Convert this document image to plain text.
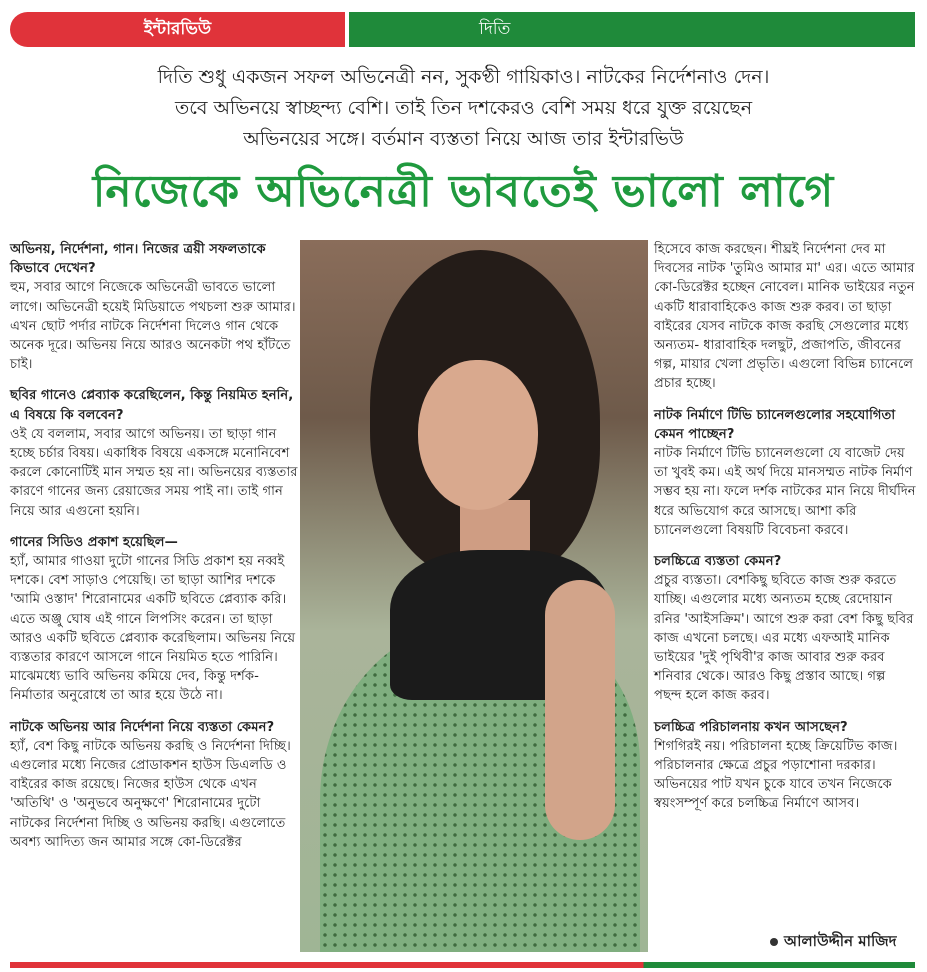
ইন্টারভিউ	দিতি
দিতি শুধু একজন সফল অভিনেত্রী নন, সুকণ্ঠী গায়িকাও। নাটকের নির্দেশনাও দেন।
তবে অভিনয়ে স্বাচ্ছন্দ্য বেশি। তাই তিন দশকেরও বেশি সময় ধরে যুক্ত রয়েছেন
অভিনয়ের সঙ্গে। বর্তমান ব্যস্ততা নিয়ে আজ তার ইন্টারভিউ
নিজেকে অভিনেত্রী ভাবতেই ভালো লাগে

অভিনয়, নির্দেশনা, গান। নিজের ত্রয়ী সফলতাকে কিভাবে দেখেন?

হুম, সবার আগে নিজেকে অভিনেত্রী ভাবতে ভালো লাগে। অভিনেত্রী হয়েই মিডিয়াতে পথচলা শুরু আমার। এখন ছোট পর্দার নাটকে নির্দেশনা দিলেও গান থেকে অনেক দূরে। অভিনয় নিয়ে আরও অনেকটা পথ হাঁটতে চাই।

ছবির গানেও প্লেব্যাক করেছিলেন, কিন্তু নিয়মিত হননি, এ বিষয়ে কি বলবেন?

ওই যে বললাম, সবার আগে অভিনয়। তা ছাড়া গান হচ্ছে চর্চার বিষয়। একাধিক বিষয়ে একসঙ্গে মনোনিবেশ করলে কোনোটিই মান সম্মত হয় না। অভিনয়ের ব্যস্ততার কারণে গানের জন্য রেয়াজের সময় পাই না। তাই গান নিয়ে আর এগুনো হয়নি।

গানের সিডিও প্রকাশ হয়েছিল—

হ্যাঁ, আমার গাওয়া দুটো গানের সিডি প্রকাশ হয় নব্বই দশকে। বেশ সাড়াও পেয়েছি। তা ছাড়া আশির দশকে 'আমি ওস্তাদ' শিরোনামের একটি ছবিতে প্লেব্যাক করি। এতে অঞ্জু ঘোষ এই গানে লিপসিং করেন। তা ছাড়া আরও একটি ছবিতে প্লেব্যাক করেছিলাম। অভিনয় নিয়ে ব্যস্ততার কারণে আসলে গানে নিয়মিত হতে পারিনি। মাঝেমধ্যে ভাবি অভিনয় কমিয়ে দেব, কিন্তু দর্শক-নির্মাতার অনুরোধে তা আর হয়ে উঠে না।

নাটকে অভিনয় আর নির্দেশনা নিয়ে ব্যস্ততা কেমন?

হ্যাঁ, বেশ কিছু নাটকে অভিনয় করছি ও নির্দেশনা দিচ্ছি। এগুলোর মধ্যে নিজের প্রোডাকশন হাউস ডিএলডি ও বাইরের কাজ রয়েছে। নিজের হাউস থেকে এখন 'অতিথি' ও 'অনুভবে অনুক্ষণে' শিরোনামের দুটো নাটকের নির্দেশনা দিচ্ছি ও অভিনয় করছি। এগুলোতে অবশ্য আদিত্য জন আমার সঙ্গে কো-ডিরেক্টর

হিসেবে কাজ করছেন। শীঘ্রই নির্দেশনা দেব মা দিবসের নাটক 'তুমিও আমার মা' এর। এতে আমার কো-ডিরেক্টর হচ্ছেন নোবেল। মানিক ভাইয়ের নতুন একটি ধারাবাহিকেও কাজ শুরু করব। তা ছাড়া বাইরের যেসব নাটকে কাজ করছি সেগুলোর মধ্যে অন্যতম- ধারাবাহিক দলছুট, প্রজাপতি, জীবনের গল্প, মায়ার খেলা প্রভৃতি। এগুলো বিভিন্ন চ্যানেলে প্রচার হচ্ছে।

নাটক নির্মাণে টিভি চ্যানেলগুলোর সহযোগিতা কেমন পাচ্ছেন?

নাটক নির্মাণে টিভি চ্যানেলগুলো যে বাজেট দেয় তা খুবই কম। এই অর্থ দিয়ে মানসম্মত নাটক নির্মাণ সম্ভব হয় না। ফলে দর্শক নাটকের মান নিয়ে দীর্ঘদিন ধরে অভিযোগ করে আসছে। আশা করি চ্যানেলগুলো বিষয়টি বিবেচনা করবে।

চলচ্চিত্রে ব্যস্ততা কেমন?

প্রচুর ব্যস্ততা। বেশকিছু ছবিতে কাজ শুরু করতে যাচ্ছি। এগুলোর মধ্যে অন্যতম হচ্ছে রেদোয়ান রনির 'আইসক্রিম'। আগে শুরু করা বেশ কিছু ছবির কাজ এখনো চলছে। এর মধ্যে এফআই মানিক ভাইয়ের 'দুই পৃথিবী'র কাজ আবার শুরু করব শনিবার থেকে। আরও কিছু প্রস্তাব আছে। গল্প পছন্দ হলে কাজ করব।

চলচ্চিত্র পরিচালনায় কখন আসছেন?

শিগগিরই নয়। পরিচালনা হচ্ছে ক্রিয়েটিভ কাজ। পরিচালনার ক্ষেত্রে প্রচুর পড়াশোনা দরকার। অভিনয়ের পাট যখন চুকে যাবে তখন নিজেকে স্বয়ংসম্পূর্ণ করে চলচ্চিত্র নির্মাণে আসব।

আলাউদ্দীন মাজিদ
